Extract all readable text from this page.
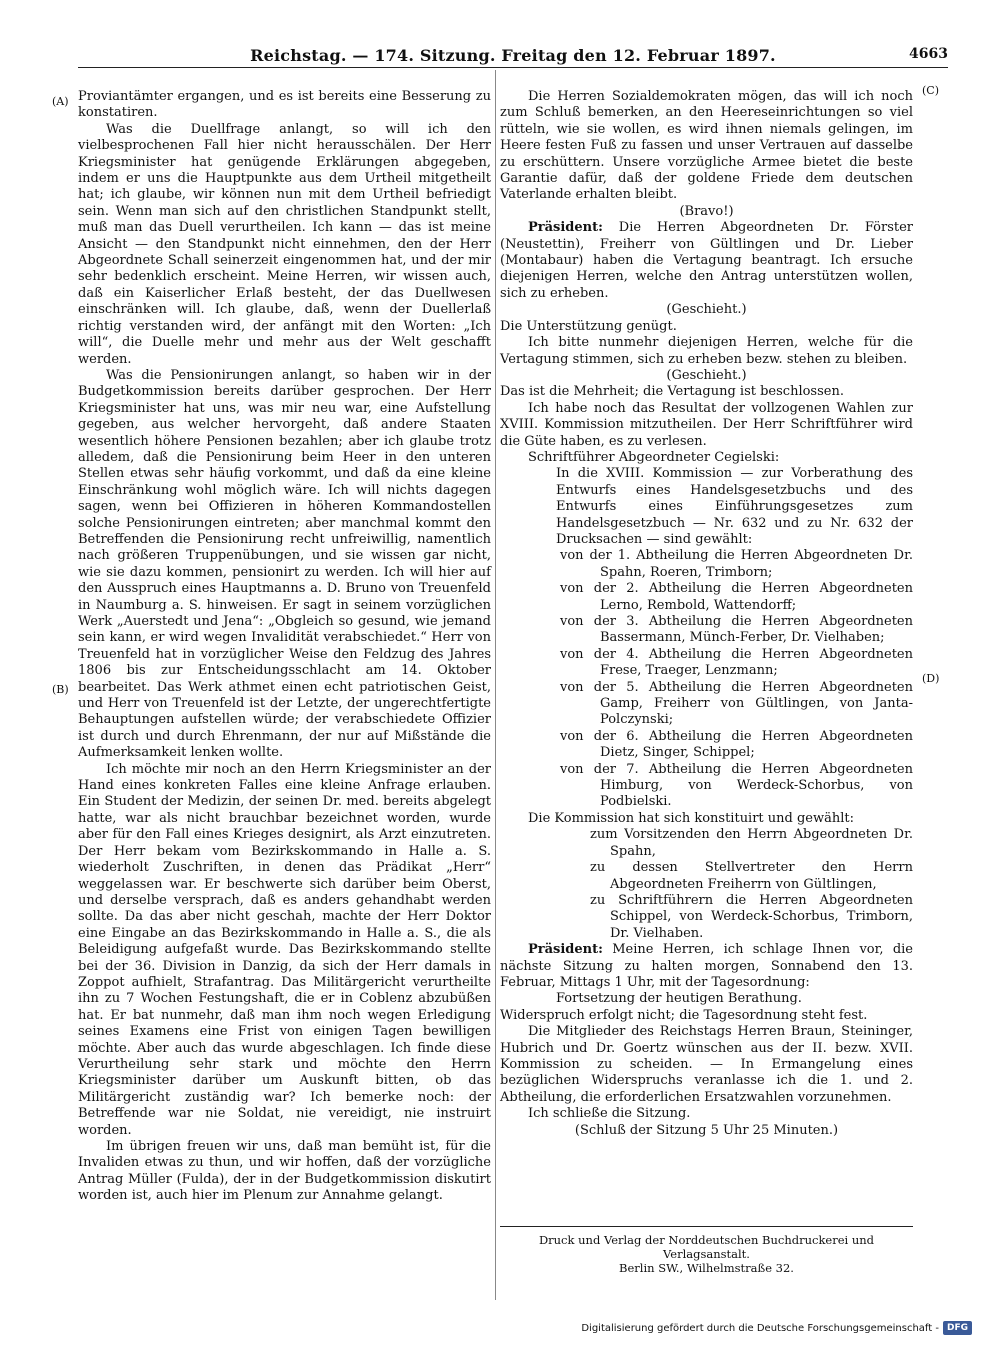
Reichstag. — 174. Sitzung. Freitag den 12. Februar 1897.	4663
(A)
(B)
(C)
(D)

Proviantämter ergangen, und es ist bereits eine Besserung zu konstatiren.

Was die Duellfrage anlangt, so will ich den vielbesprochenen Fall hier nicht herausschälen. Der Herr Kriegsminister hat genügende Erklärungen abgegeben, indem er uns die Hauptpunkte aus dem Urtheil mitgetheilt hat; ich glaube, wir können nun mit dem Urtheil befriedigt sein. Wenn man sich auf den christlichen Standpunkt stellt, muß man das Duell verurtheilen. Ich kann — das ist meine Ansicht — den Standpunkt nicht einnehmen, den der Herr Abgeordnete Schall seinerzeit eingenommen hat, und der mir sehr bedenklich erscheint. Meine Herren, wir wissen auch, daß ein Kaiserlicher Erlaß besteht, der das Duellwesen einschränken will. Ich glaube, daß, wenn der Duellerlaß richtig verstanden wird, der anfängt mit den Worten: „Ich will“, die Duelle mehr und mehr aus der Welt geschafft werden.

Was die Pensionirungen anlangt, so haben wir in der Budgetkommission bereits darüber gesprochen. Der Herr Kriegsminister hat uns, was mir neu war, eine Aufstellung gegeben, aus welcher hervorgeht, daß andere Staaten wesentlich höhere Pensionen bezahlen; aber ich glaube trotz alledem, daß die Pensionirung beim Heer in den unteren Stellen etwas sehr häufig vorkommt, und daß da eine kleine Einschränkung wohl möglich wäre. Ich will nichts dagegen sagen, wenn bei Offizieren in höheren Kommandostellen solche Pensionirungen eintreten; aber manchmal kommt den Betreffenden die Pensionirung recht unfreiwillig, namentlich nach größeren Truppenübungen, und sie wissen gar nicht, wie sie dazu kommen, pensionirt zu werden. Ich will hier auf den Ausspruch eines Hauptmanns a. D. Bruno von Treuenfeld in Naumburg a. S. hinweisen. Er sagt in seinem vorzüglichen Werk „Auerstedt und Jena“: „Obgleich so gesund, wie jemand sein kann, er wird wegen Invalidität verabschiedet.“ Herr von Treuenfeld hat in vorzüglicher Weise den Feldzug des Jahres 1806 bis zur Entscheidungsschlacht am 14. Oktober bearbeitet. Das Werk athmet einen echt patriotischen Geist, und Herr von Treuenfeld ist der Letzte, der ungerechtfertigte Behauptungen aufstellen würde; der verabschiedete Offizier ist durch und durch Ehrenmann, der nur auf Mißstände die Aufmerksamkeit lenken wollte.

Ich möchte mir noch an den Herrn Kriegsminister an der Hand eines konkreten Falles eine kleine Anfrage erlauben. Ein Student der Medizin, der seinen Dr. med. bereits abgelegt hatte, war als nicht brauchbar bezeichnet worden, wurde aber für den Fall eines Krieges designirt, als Arzt einzutreten. Der Herr bekam vom Bezirkskommando in Halle a. S. wiederholt Zuschriften, in denen das Prädikat „Herr“ weggelassen war. Er beschwerte sich darüber beim Oberst, und derselbe versprach, daß es anders gehandhabt werden sollte. Da das aber nicht geschah, machte der Herr Doktor eine Eingabe an das Bezirkskommando in Halle a. S., die als Beleidigung aufgefaßt wurde. Das Bezirkskommando stellte bei der 36. Division in Danzig, da sich der Herr damals in Zoppot aufhielt, Strafantrag. Das Militärgericht verurtheilte ihn zu 7 Wochen Festungshaft, die er in Coblenz abzubüßen hat. Er bat nunmehr, daß man ihm noch wegen Erledigung seines Examens eine Frist von einigen Tagen bewilligen möchte. Aber auch das wurde abgeschlagen. Ich finde diese Verurtheilung sehr stark und möchte den Herrn Kriegsminister darüber um Auskunft bitten, ob das Militärgericht zuständig war? Ich bemerke noch: der Betreffende war nie Soldat, nie vereidigt, nie instruirt worden.

Im übrigen freuen wir uns, daß man bemüht ist, für die Invaliden etwas zu thun, und wir hoffen, daß der vorzügliche Antrag Müller (Fulda), der in der Budgetkommission diskutirt worden ist, auch hier im Plenum zur Annahme gelangt.

Die Herren Sozialdemokraten mögen, das will ich noch zum Schluß bemerken, an den Heereseinrichtungen so viel rütteln, wie sie wollen, es wird ihnen niemals gelingen, im Heere festen Fuß zu fassen und unser Vertrauen auf dasselbe zu erschüttern. Unsere vorzügliche Armee bietet die beste Garantie dafür, daß der goldene Friede dem deutschen Vaterlande erhalten bleibt.

(Bravo!)

Präsident: Die Herren Abgeordneten Dr. Förster (Neustettin), Freiherr von Gültlingen und Dr. Lieber (Montabaur) haben die Vertagung beantragt. Ich ersuche diejenigen Herren, welche den Antrag unterstützen wollen, sich zu erheben.

(Geschieht.)

Die Unterstützung genügt.

Ich bitte nunmehr diejenigen Herren, welche für die Vertagung stimmen, sich zu erheben bezw. stehen zu bleiben.

(Geschieht.)

Das ist die Mehrheit; die Vertagung ist beschlossen.

Ich habe noch das Resultat der vollzogenen Wahlen zur XVIII. Kommission mitzutheilen. Der Herr Schriftführer wird die Güte haben, es zu verlesen.

Schriftführer Abgeordneter Cegielski:

In die XVIII. Kommission — zur Vorberathung des Entwurfs eines Handelsgesetzbuchs und des Entwurfs eines Einführungsgesetzes zum Handelsgesetzbuch — Nr. 632 und zu Nr. 632 der Drucksachen — sind gewählt:

von der 1. Abtheilung die Herren Abgeordneten Dr. Spahn, Roeren, Trimborn;

von der 2. Abtheilung die Herren Abgeordneten Lerno, Rembold, Wattendorff;

von der 3. Abtheilung die Herren Abgeordneten Bassermann, Münch-Ferber, Dr. Vielhaben;

von der 4. Abtheilung die Herren Abgeordneten Frese, Traeger, Lenzmann;

von der 5. Abtheilung die Herren Abgeordneten Gamp, Freiherr von Gültlingen, von Janta-Polczynski;

von der 6. Abtheilung die Herren Abgeordneten Dietz, Singer, Schippel;

von der 7. Abtheilung die Herren Abgeordneten Himburg, von Werdeck-Schorbus, von Podbielski.

Die Kommission hat sich konstituirt und gewählt:

zum Vorsitzenden den Herrn Abgeordneten Dr. Spahn,

zu dessen Stellvertreter den Herrn Abgeordneten Freiherrn von Gültlingen,

zu Schriftführern die Herren Abgeordneten Schippel, von Werdeck-Schorbus, Trimborn, Dr. Vielhaben.

Präsident: Meine Herren, ich schlage Ihnen vor, die nächste Sitzung zu halten morgen, Sonnabend den 13. Februar, Mittags 1 Uhr, mit der Tagesordnung:

Fortsetzung der heutigen Berathung.

Widerspruch erfolgt nicht; die Tagesordnung steht fest.

Die Mitglieder des Reichstags Herren Braun, Steininger, Hubrich und Dr. Goertz wünschen aus der II. bezw. XVII. Kommission zu scheiden. — In Ermangelung eines bezüglichen Widerspruchs veranlasse ich die 1. und 2. Abtheilung, die erforderlichen Ersatzwahlen vorzunehmen.

Ich schließe die Sitzung.

(Schluß der Sitzung 5 Uhr 25 Minuten.)

Druck und Verlag der Norddeutschen Buchdruckerei und Verlagsanstalt.
Berlin SW., Wilhelmstraße 32.
Digitalisierung gefördert durch die Deutsche Forschungsgemeinschaft - DFG
